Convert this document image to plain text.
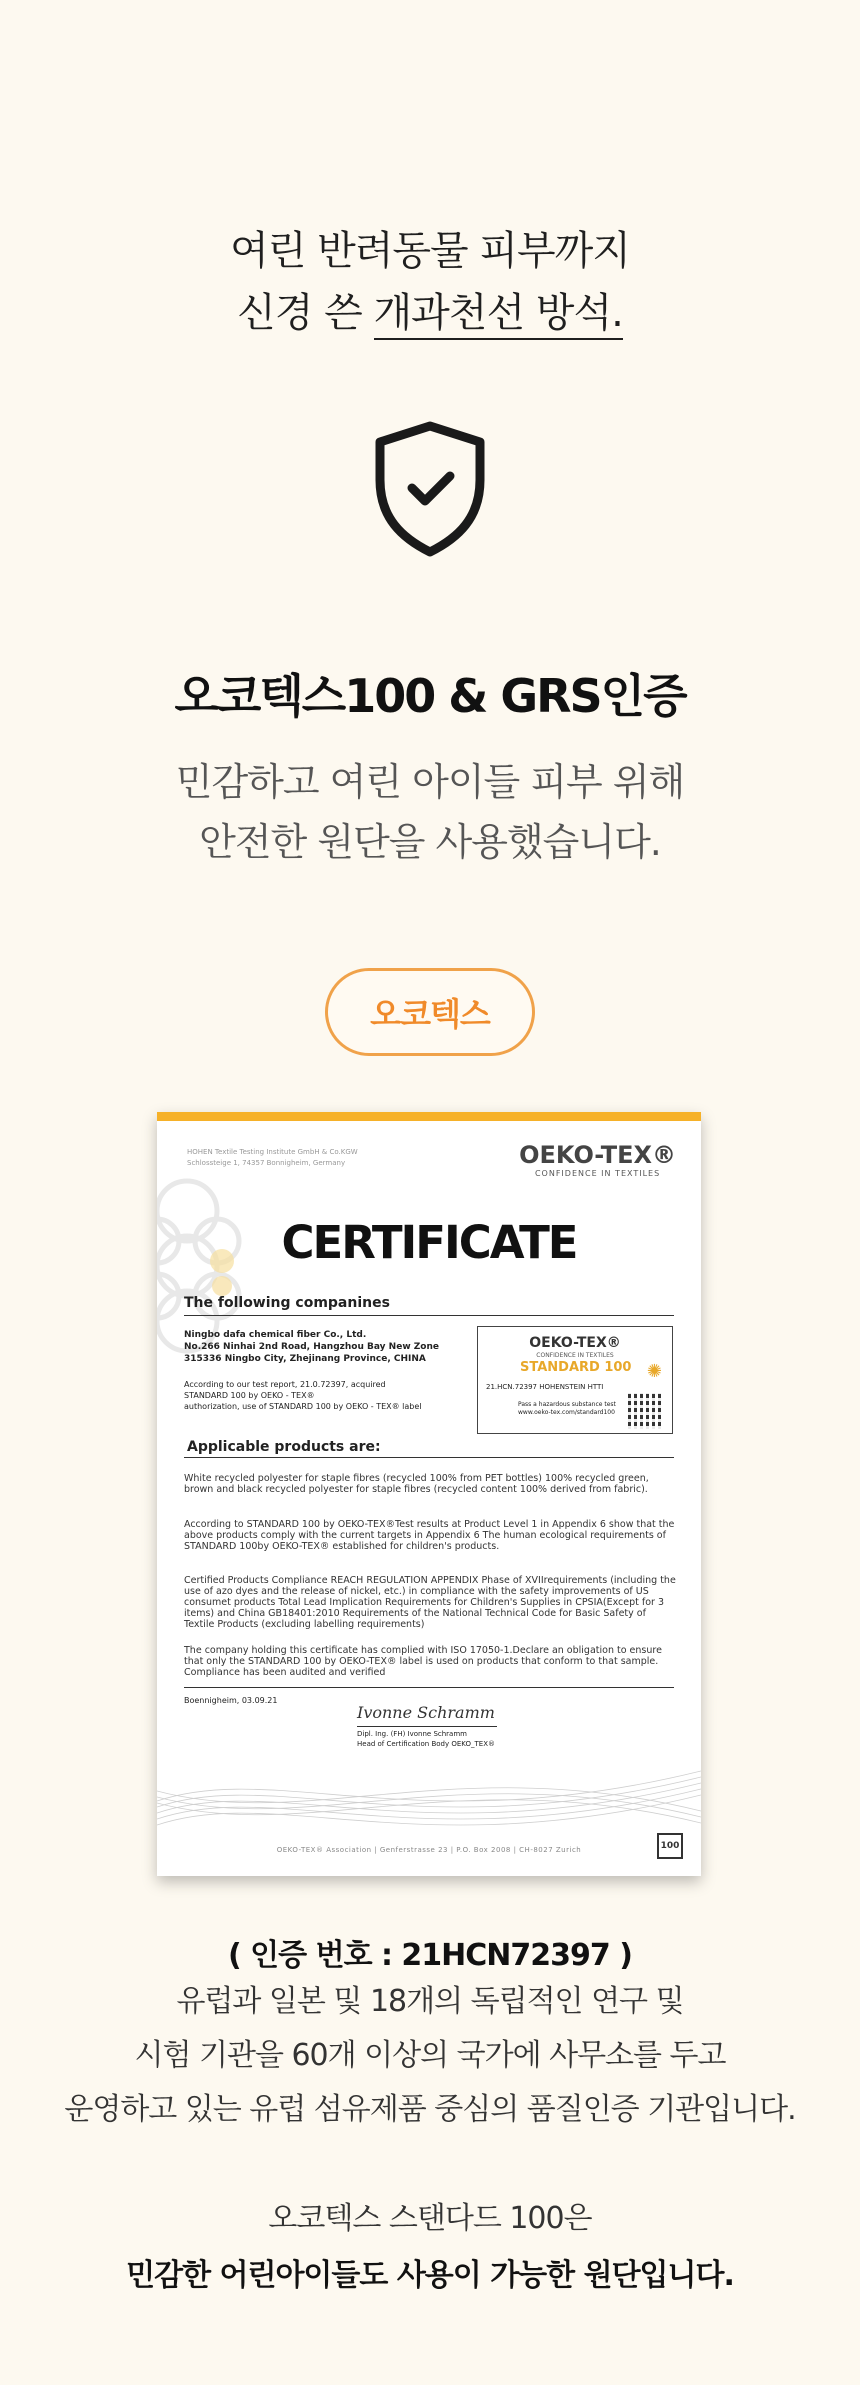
여린 반려동물 피부까지
신경 쓴 개과천선 방석.
오코텍스100 & GRS인증
민감하고 여린 아이들 피부 위해
안전한 원단을 사용했습니다.
오코텍스
HOHEN Textile Testing Institute GmbH & Co.KGW
Schlossteige 1, 74357 Bonnigheim, Germany	OEKO-TEX®
CONFIDENCE IN TEXTILES
CERTIFICATE
The following companines
Ningbo dafa chemical fiber Co., Ltd.
No.266 Ninhai 2nd Road, Hangzhou Bay New Zone
315336 Ningbo City, Zhejinang Province, CHINA
According to our test report, 21.0.72397, acquired
STANDARD 100 by OEKO - TEX®
authorization, use of STANDARD 100 by OEKO - TEX® label
OEKO-TEX®
CONFIDENCE IN TEXTILES
STANDARD 100 ✺
21.HCN.72397 HOHENSTEIN HTTI
Pass a hazardous substance test
www.oeko-tex.com/standard100
Applicable products are:
White recycled polyester for staple fibres (recycled 100% from PET bottles) 100% recycled green, brown and black recycled polyester for staple fibres (recycled content 100% derived from fabric).
According to STANDARD 100 by OEKO-TEX®Test results at Product Level 1 in Appendix 6 show that the above products comply with the current targets in Appendix 6 The human ecological requirements of STANDARD 100by OEKO-TEX® established for children's products.
Certified Products Compliance REACH REGULATION APPENDIX Phase of XVIIrequirements (including the use of azo dyes and the release of nickel, etc.) in compliance with the safety improvements of US consumet products Total Lead Implication Requirements for Children's Supplies in CPSIA(Except for 3 items) and China GB18401:2010 Requirements of the National Technical Code for Basic Safety of Textile Products (excluding labelling requirements)
The company holding this certificate has complied with ISO 17050-1.Declare an obligation to ensure that only the STANDARD 100 by OEKO-TEX® label is used on products that conform to that sample. Compliance has been audited and verified
Boennigheim, 03.09.21
Ivonne Schramm
Dipl. Ing. (FH) Ivonne Schramm
Head of Certification Body OEKO_TEX®
OEKO-TEX® Association | Genferstrasse 23 | P.O. Box 2008 | CH-8027 Zurich	100
( 인증 번호 : 21HCN72397 )
유럽과 일본 및 18개의 독립적인 연구 및
시험 기관을 60개 이상의 국가에 사무소를 두고
운영하고 있는 유럽 섬유제품 중심의 품질인증 기관입니다.
오코텍스 스탠다드 100은
민감한 어린아이들도 사용이 가능한 원단입니다.
